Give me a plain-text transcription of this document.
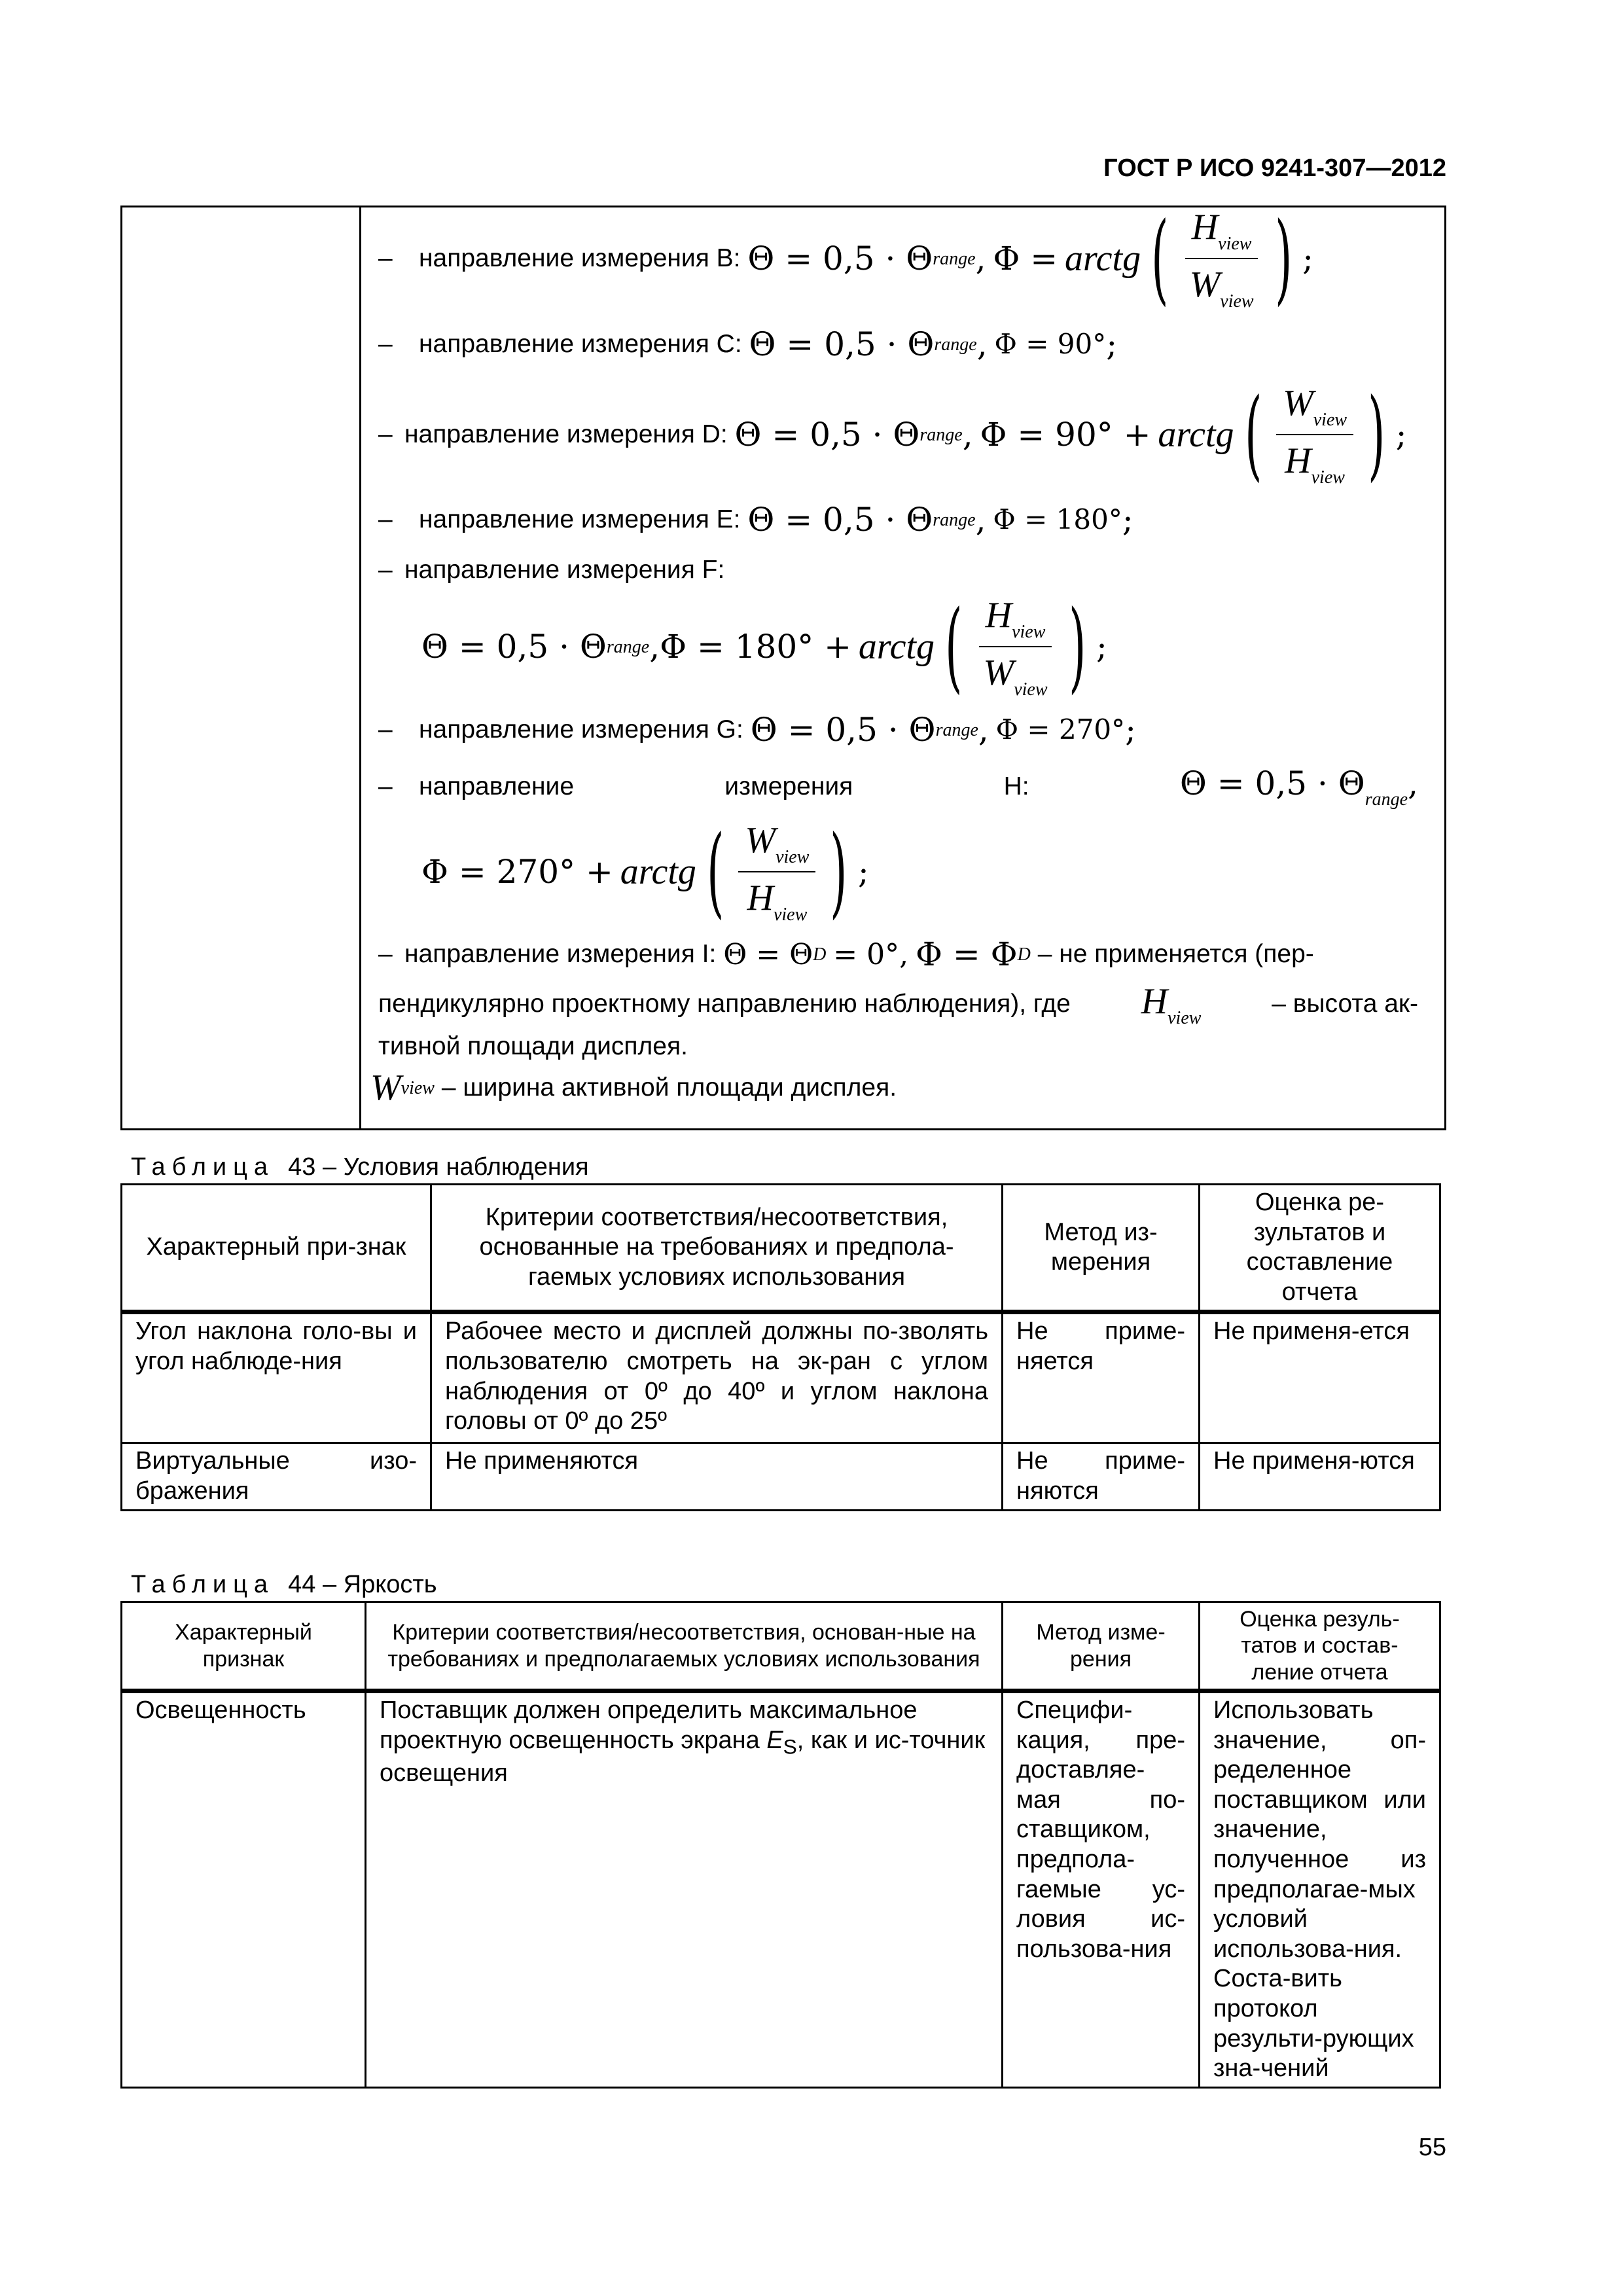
ГОСТ Р ИСО 9241-307—2012

–	направление измерения B:
Θ = 0,5 · Θ range ,
Φ =
arctg ( $\frac{H_{view}}{W_{view}}$ ) ;
–	направление измерения C:
Θ = 0,5 · Θ range ,
Φ = 90° ;
– направление измерения D:
Θ = 0,5 · Θ range ,
Φ = 90° +
arctg ( $\frac{W_{view}}{H_{view}}$ ) ;
–	направление измерения E:
Θ = 0,5 · Θ range ,
Φ = 180° ;
– направление измерения F:
Θ = 0,5 · Θ range , Φ = 180° +
arctg ( $\frac{H_{view}}{W_{view}}$ ) ;
–	направление измерения G:
Θ = 0,5 · Θ range ,
Φ = 270° ;
– направление	измерения	H:	$\Theta = 0,5 \cdot \Theta_{range}$,
Φ = 270° +
arctg ( $\frac{W_{view}}{H_{view}}$ ) ;
– направление измерения I:
Θ = Θ D
= 0°,
Φ = Φ D
– не применяется (пер-
пендикулярно проектному направлению наблюдения), где $H_{view}$
– высота ак-
тивной площади дисплея.
W view
– ширина активной площади дисплея.
Таблица 43 – Условия наблюдения
Характерный при-знак	Критерии соответствия/несоответствия, основанные на требованиях и предпола-гаемых условиях использования	Метод из-мерения	Оценка ре-зультатов и составление отчета
Угол наклона голо-вы и угол наблюде-ния	Рабочее место и дисплей должны по-зволять пользователю смотреть на эк-ран с углом наблюдения от 0º до 40º и углом наклона головы от 0º до 25º	Не приме-няется	Не применя-ется
Виртуальные изо-бражения	Не применяются	Не приме-няются	Не применя-ются
Таблица 44 – Яркость
Характерный признак	Критерии соответствия/несоответствия, основан-ные на требованиях и предполагаемых условиях использования	Метод изме-рения	Оценка резуль-татов и состав-ление отчета
Освещенность	Поставщик должен определить максимальное проектную освещенность экрана $E_S$, как и ис-точник освещения	Специфи-кация, пре-доставляе-мая по-ставщиком, предпола-гаемые ус-ловия ис-пользова-ния	Использовать значение, оп-ределенное поставщиком или значение, полученное из предполагае-мых условий использова-ния. Соста-вить протокол результи-рующих зна-чений
55
